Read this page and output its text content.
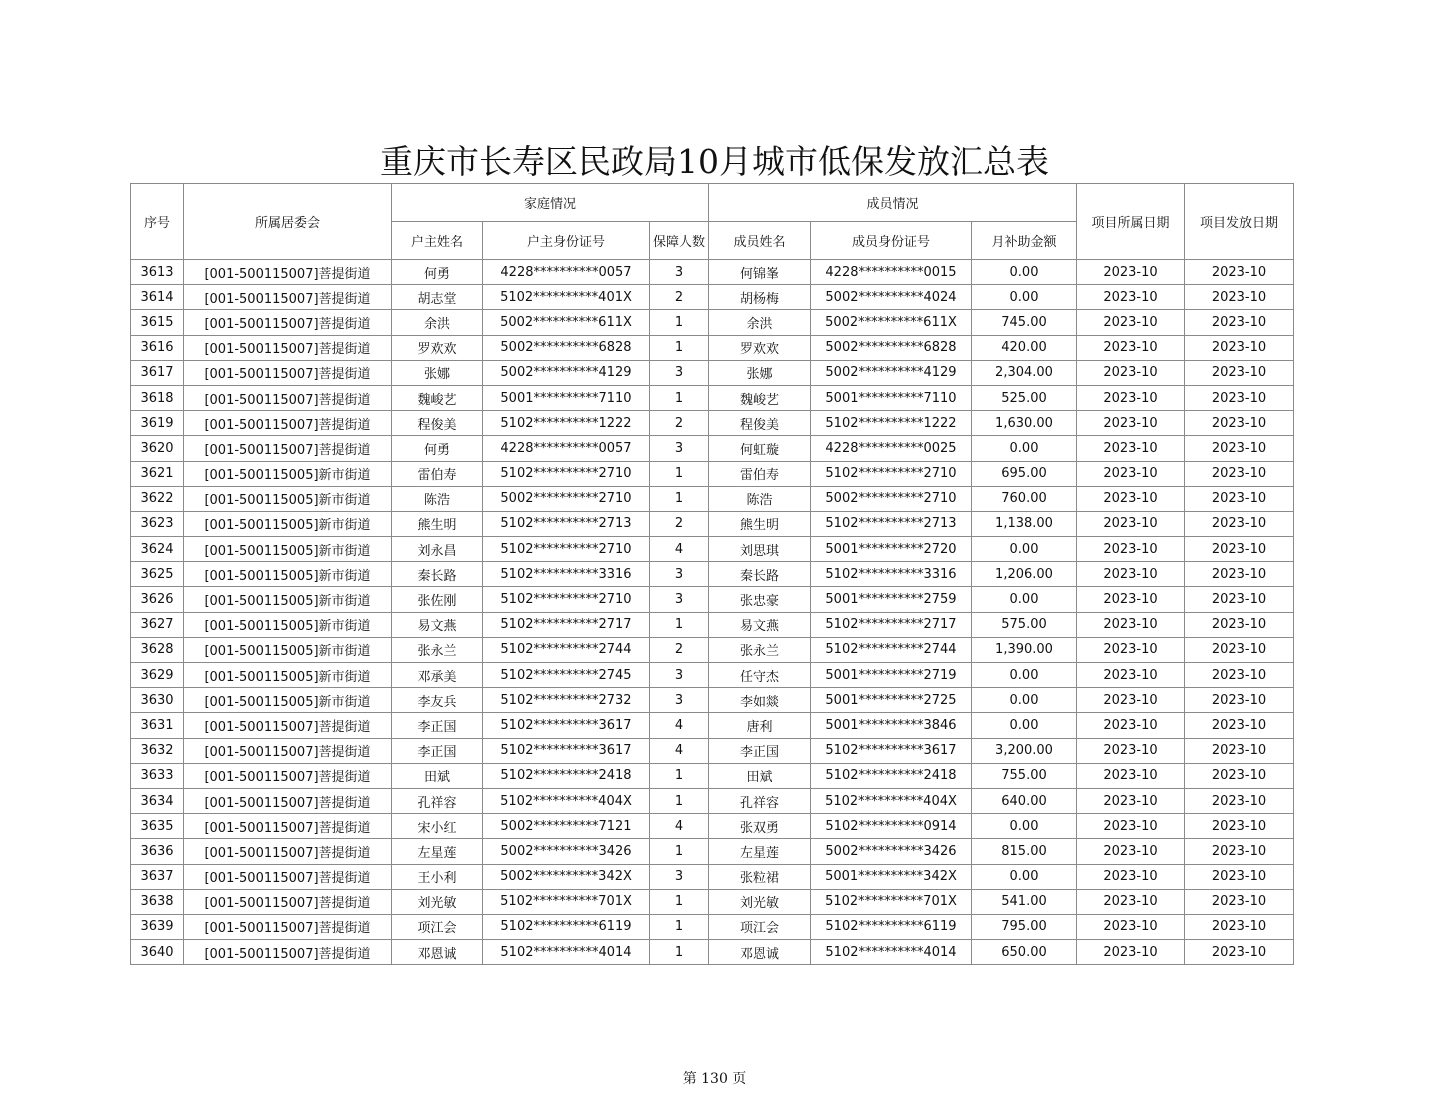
重庆市长寿区民政局10月城市低保发放汇总表
序号	所属居委会	家庭情况			成员情况			项目所属日期	项目发放日期
		户主姓名	户主身份证号	保障人数	成员姓名	成员身份证号	月补助金额		
3613	[001-500115007]菩提街道	何勇	4228**********0057	3	何锦峯	4228**********0015	0.00	2023-10	2023-10
3614	[001-500115007]菩提街道	胡志堂	5102**********401X	2	胡杨梅	5002**********4024	0.00	2023-10	2023-10
3615	[001-500115007]菩提街道	余洪	5002**********611X	1	余洪	5002**********611X	745.00	2023-10	2023-10
3616	[001-500115007]菩提街道	罗欢欢	5002**********6828	1	罗欢欢	5002**********6828	420.00	2023-10	2023-10
3617	[001-500115007]菩提街道	张娜	5002**********4129	3	张娜	5002**********4129	2,304.00	2023-10	2023-10
3618	[001-500115007]菩提街道	魏峻艺	5001**********7110	1	魏峻艺	5001**********7110	525.00	2023-10	2023-10
3619	[001-500115007]菩提街道	程俊美	5102**********1222	2	程俊美	5102**********1222	1,630.00	2023-10	2023-10
3620	[001-500115007]菩提街道	何勇	4228**********0057	3	何虹璇	4228**********0025	0.00	2023-10	2023-10
3621	[001-500115005]新市街道	雷伯寿	5102**********2710	1	雷伯寿	5102**********2710	695.00	2023-10	2023-10
3622	[001-500115005]新市街道	陈浩	5002**********2710	1	陈浩	5002**********2710	760.00	2023-10	2023-10
3623	[001-500115005]新市街道	熊生明	5102**********2713	2	熊生明	5102**********2713	1,138.00	2023-10	2023-10
3624	[001-500115005]新市街道	刘永昌	5102**********2710	4	刘思琪	5001**********2720	0.00	2023-10	2023-10
3625	[001-500115005]新市街道	秦长路	5102**********3316	3	秦长路	5102**********3316	1,206.00	2023-10	2023-10
3626	[001-500115005]新市街道	张佐刚	5102**********2710	3	张忠豪	5001**********2759	0.00	2023-10	2023-10
3627	[001-500115005]新市街道	易文燕	5102**********2717	1	易文燕	5102**********2717	575.00	2023-10	2023-10
3628	[001-500115005]新市街道	张永兰	5102**********2744	2	张永兰	5102**********2744	1,390.00	2023-10	2023-10
3629	[001-500115005]新市街道	邓承美	5102**********2745	3	任守杰	5001**********2719	0.00	2023-10	2023-10
3630	[001-500115005]新市街道	李友兵	5102**********2732	3	李如燚	5001**********2725	0.00	2023-10	2023-10
3631	[001-500115007]菩提街道	李正国	5102**********3617	4	唐利	5001**********3846	0.00	2023-10	2023-10
3632	[001-500115007]菩提街道	李正国	5102**********3617	4	李正国	5102**********3617	3,200.00	2023-10	2023-10
3633	[001-500115007]菩提街道	田斌	5102**********2418	1	田斌	5102**********2418	755.00	2023-10	2023-10
3634	[001-500115007]菩提街道	孔祥容	5102**********404X	1	孔祥容	5102**********404X	640.00	2023-10	2023-10
3635	[001-500115007]菩提街道	宋小红	5002**********7121	4	张双勇	5102**********0914	0.00	2023-10	2023-10
3636	[001-500115007]菩提街道	左星莲	5002**********3426	1	左星莲	5002**********3426	815.00	2023-10	2023-10
3637	[001-500115007]菩提街道	王小利	5002**********342X	3	张粒裙	5001**********342X	0.00	2023-10	2023-10
3638	[001-500115007]菩提街道	刘光敏	5102**********701X	1	刘光敏	5102**********701X	541.00	2023-10	2023-10
3639	[001-500115007]菩提街道	项江会	5102**********6119	1	项江会	5102**********6119	795.00	2023-10	2023-10
3640	[001-500115007]菩提街道	邓恩诚	5102**********4014	1	邓恩诚	5102**********4014	650.00	2023-10	2023-10
第 130 页
